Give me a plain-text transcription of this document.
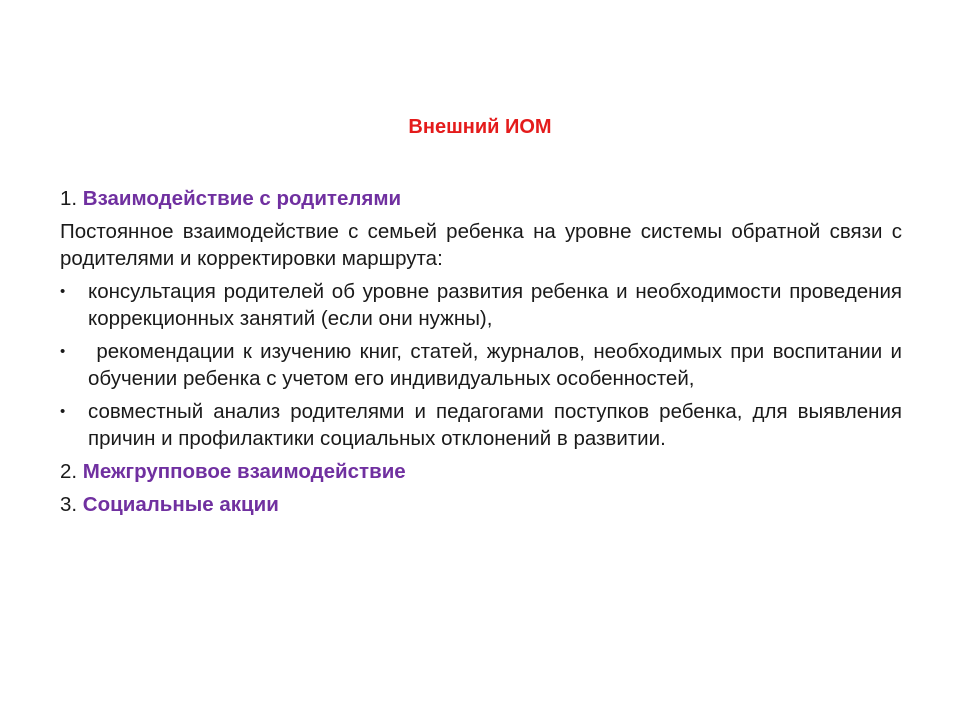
Внешний ИОМ
1. Взаимодействие с родителями
Постоянное взаимодействие с семьей ребенка на уровне системы обратной связи с родителями и корректировки маршрута:
• консультация родителей об уровне развития ребенка и необходимости проведения коррекционных занятий (если они нужны),
• рекомендации к изучению книг, статей, журналов, необходимых при воспитании и обучении ребенка с учетом его индивидуальных особенностей,
• совместный анализ родителями и педагогами поступков ребенка, для выявления причин и профилактики социальных отклонений в развитии.
2. Межгрупповое взаимодействие
3. Социальные акции
